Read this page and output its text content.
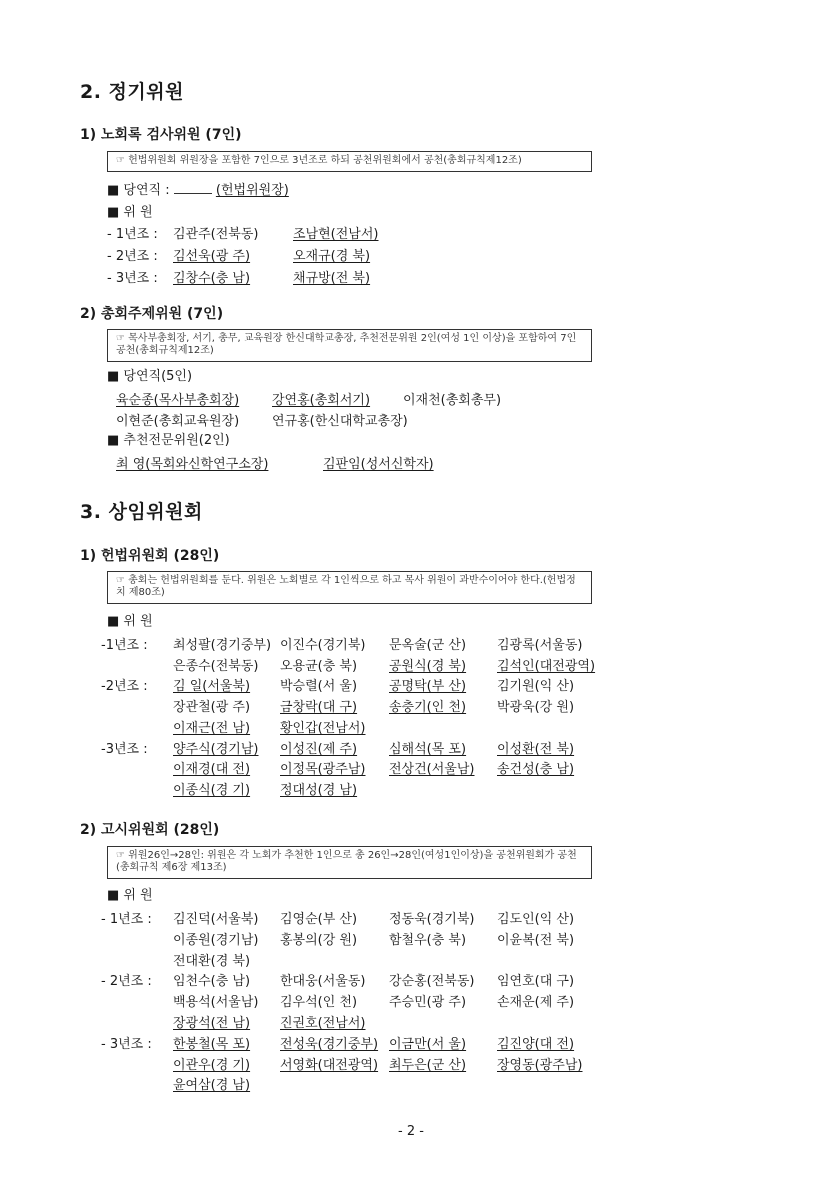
2. 정기위원
1) 노회록 검사위원 (7인)
☞ 헌법위원회 위원장을 포함한 7인으로 3년조로 하되 공천위원회에서 공천(총회규칙제12조)
■ 당연직 :	(헌법위원장)
■ 위 원
- 1년조 : 김관주(전북동)	조남현(전남서)
- 2년조 : 김선욱(광 주)	오재규(경 북)
- 3년조 : 김창수(충 남)	채규방(전 북)
2) 총회주제위원 (7인)
☞ 목사부총회장, 서기, 총무, 교육원장 한신대학교총장, 추천전문위원 2인(여성 1인 이상)을 포함하여 7인 공천(총회규칙제12조)
■ 당연직(5인)
육순종(목사부총회장)	강연홍(총회서기)	이재천(총회총무)
이현준(총회교육원장)	연규홍(한신대학교총장)
최 영(목회와신학연구소장)	김판임(성서신학자)
■ 추천전문위원(2인)
3. 상임위원회
1) 헌법위원회 (28인)
☞ 총회는 헌법위원회를 둔다. 위원은 노회별로 각 1인씩으로 하고 목사 위원이 과반수이어야 한다.(헌법정치 제80조)
■ 위 원
-1년조 : 최성팔(경기중부) 이진수(경기북) 문옥술(군 산) 김광록(서울동)
은종수(전북동) 오용균(충 북) 공원식(경 북) 김석인(대전광역)
-2년조 : 김 일(서울북) 박승렬(서 울) 공명탁(부 산) 김기원(익 산)
장관철(광 주) 금창락(대 구) 송충기(인 천) 박광욱(강 원)
이재근(전 남) 황인갑(전남서)
-3년조 : 양주식(경기남) 이성진(제 주) 심해석(목 포) 이성환(전 북)
이재경(대 전) 이정목(광주남) 전상건(서울남) 송건성(충 남)
이종식(경 기) 정대성(경 남)
2) 고시위원회 (28인)
☞ 위원26인→28인: 위원은 각 노회가 추천한 1인으로 총 26인→28인(여성1인이상)을 공천위원회가 공천(총회규칙 제6장 제13조)
■ 위 원
- 1년조 : 김진덕(서울북) 김영순(부 산) 정동욱(경기북) 김도인(익 산)
이종원(경기남) 홍봉의(강 원) 함철우(충 북) 이윤복(전 북)
전대환(경 북)
- 2년조 : 임천수(충 남) 한대웅(서울동) 강순홍(전북동) 임연호(대 구)
백용석(서울남) 김우석(인 천) 주승민(광 주) 손재운(제 주)
장광석(전 남) 진권호(전남서)
- 3년조 : 한봉철(목 포) 전성욱(경기중부) 이금만(서 울) 김진양(대 전)
이관우(경 기) 서영화(대전광역) 최두은(군 산) 장영동(광주남)
윤여삼(경 남)
- 2 -
